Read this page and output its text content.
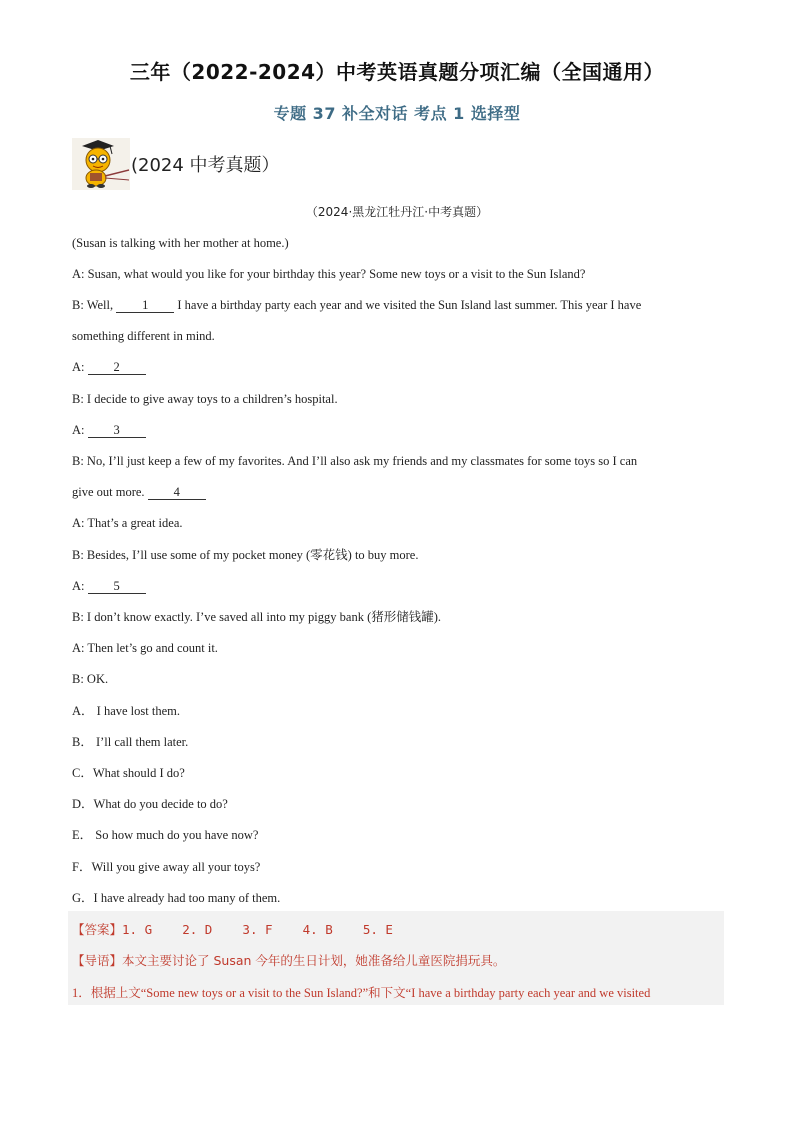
三年（2022-2024）中考英语真题分项汇编（全国通用）
专题 37 补全对话 考点 1 选择型
(2024 中考真题）
（2024·黑龙江牡丹江·中考真题）
(Susan is talking with her mother at home.)
A: Susan, what would you like for your birthday this year? Some new toys or a visit to the Sun Island?
B: Well, 1 I have a birthday party each year and we visited the Sun Island last summer. This year I have
something different in mind.
A: 2
B: I decide to give away toys to a children’s hospital.
A: 3
B: No, I’ll just keep a few of my favorites. And I’ll also ask my friends and my classmates for some toys so I can
give out more. 4
A: That’s a great idea.
B: Besides, I’ll use some of my pocket money (零花钱) to buy more.
A: 5
B: I don’t know exactly. I’ve saved all into my piggy bank (猪形储钱罐).
A: Then let’s go and count it.
B: OK.
A． I have lost them.
B． I’ll call them later.
C．What should I do?
D．What do you decide to do?
E． So how much do you have now?
F．Will you give away all your toys?
G．I have already had too many of them.
【答案】1. G    2. D    3. F    4. B    5. E
【导语】本文主要讨论了 Susan 今年的生日计划，她准备给儿童医院捐玩具。
1．根据上文“Some new toys or a visit to the Sun Island?”和下文“I have a birthday party each year and we visited
